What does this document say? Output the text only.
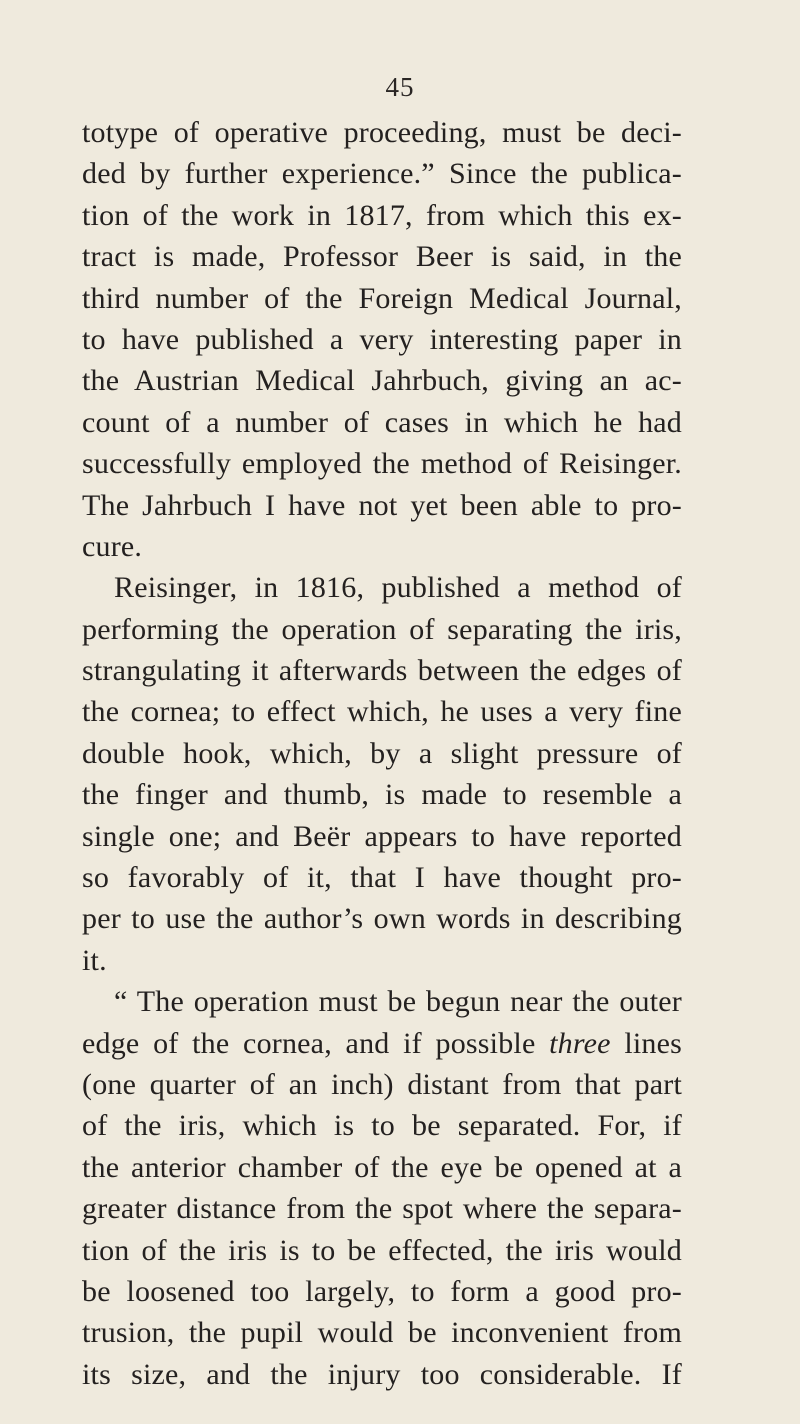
45
totype of operative proceeding, must be deci-
ded by further experience.” Since the publica-
tion of the work in 1817, from which this ex-
tract is made, Professor Beer is said, in the
third number of the Foreign Medical Journal,
to have published a very interesting paper in
the Austrian Medical Jahrbuch, giving an ac-
count of a number of cases in which he had
successfully employed the method of Reisinger.
The Jahrbuch I have not yet been able to pro-
cure.
Reisinger, in 1816, published a method of
performing the operation of separating the iris,
strangulating it afterwards between the edges of
the cornea; to effect which, he uses a very fine
double hook, which, by a slight pressure of
the finger and thumb, is made to resemble a
single one; and Beër appears to have reported
so favorably of it, that I have thought pro-
per to use the author’s own words in describing
it.
“ The operation must be begun near the outer
edge of the cornea, and if possible three lines
(one quarter of an inch) distant from that part
of the iris, which is to be separated. For, if
the anterior chamber of the eye be opened at a
greater distance from the spot where the separa-
tion of the iris is to be effected, the iris would
be loosened too largely, to form a good pro-
trusion, the pupil would be inconvenient from
its size, and the injury too considerable. If
